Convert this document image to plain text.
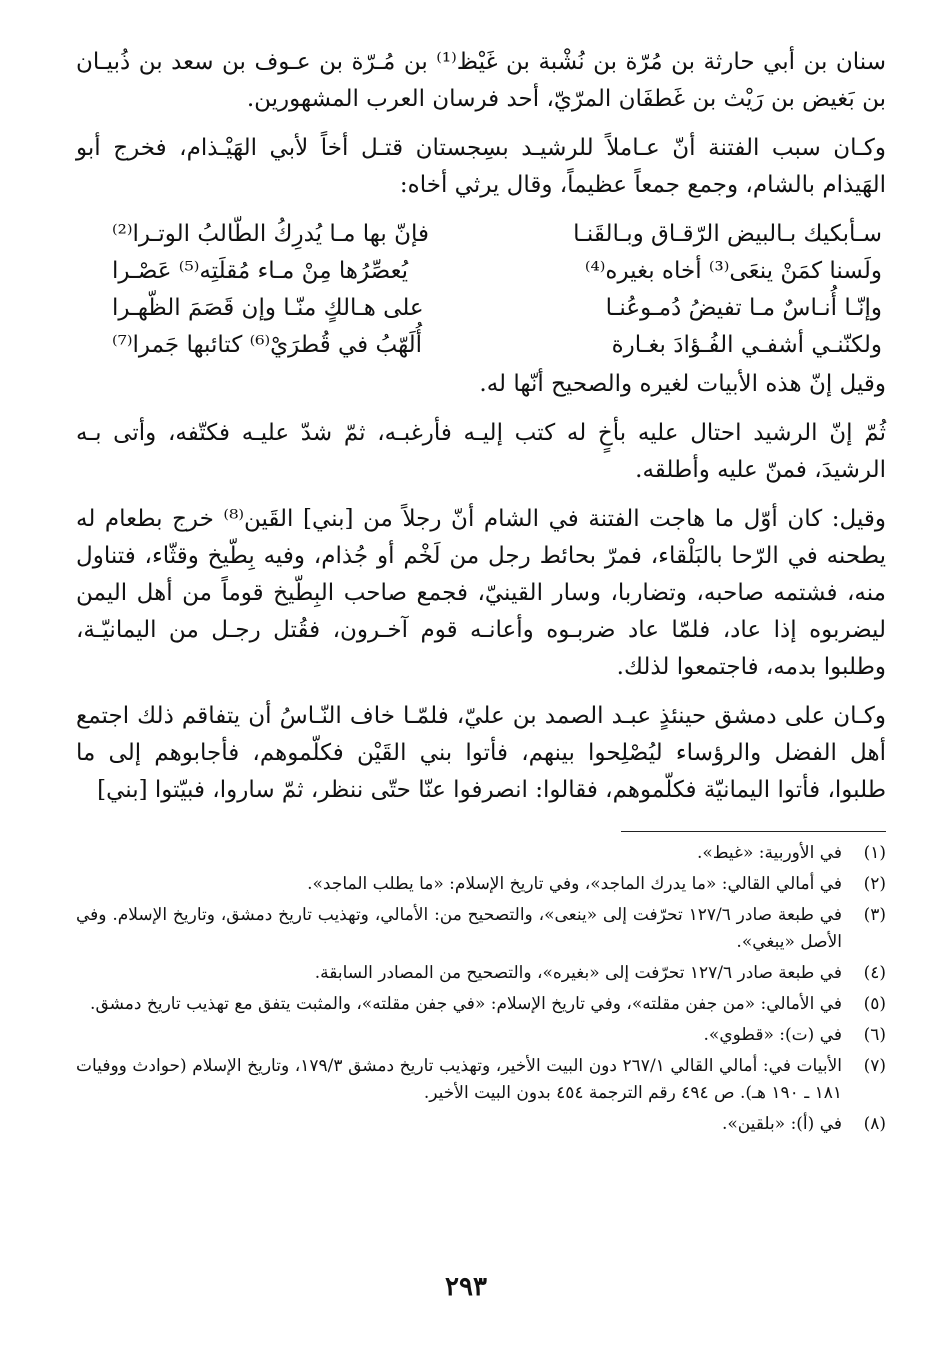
سنان بن أبي حارثة بن مُرّة بن نُشْبة بن غَيْظ⁽¹⁾ بن مُـرّة بن عـوف بن سعد بن ذُبيـان بن بَغيض بن رَيْث بن غَطفَان المرّيّ، أحد فرسان العرب المشهورين.

وكـان سبب الفتنة أنّ عـاملاً للرشيـد بسِجستان قتـل أخاً لأبي الهَيْـذام، فخرج أبو الهَيذام بالشام، وجمع جمعاً عظيماً، وقال يرثي أخاه:

سـأبكيك بـالبيض الرّقـاق وبـالقَنـا
فإنّ بها مـا يُدرِكُ الطّالبُ الوتـرا⁽²⁾
ولَسنا كمَنْ ينعَى⁽³⁾ أخاه بغيره⁽⁴⁾
يُعصِّرُها مِنْ مـاء مُقلَتِه⁽⁵⁾ عَصْـرا
وإنّـا أُنـاسٌ مـا تفيضُ دُمـوعُنـا
على هـالكٍ منّـا وإن قَصَمَ الظّهـرا
ولكنّنـي أشفـي الفُـؤادَ بغـارة
أُلَهّبُ في قُطرَيْ⁽⁶⁾ كتائبها جَمرا⁽⁷⁾

وقيل إنّ هذه الأبيات لغيره والصحيح أنّها له.

ثُمّ إنّ الرشيد احتال عليه بأخٍ له كتب إليـه فأرغبـه، ثمّ شدّ عليـه فكتّفه، وأتى بـه الرشيدَ، فمنّ عليه وأطلقه.

وقيل: كان أوّل ما هاجت الفتنة في الشام أنّ رجلاً من [بني] القَين⁽⁸⁾ خرج بطعام له يطحنه في الرّحا بالبَلْقاء، فمرّ بحائط رجل من لَخْم أو جُذام، وفيه بِطّيخ وقثّاء، فتناول منه، فشتمه صاحبه، وتضاربا، وسار القينيّ، فجمع صاحب البِطّيخ قوماً من أهل اليمن ليضربوه إذا عاد، فلمّا عاد ضربـوه وأعانـه قوم آخـرون، فقُتل رجـل من اليمانيّـة، وطلبوا بدمه، فاجتمعوا لذلك.

وكـان على دمشق حينئذٍ عبـد الصمد بن عليّ، فلمّـا خاف النّـاسُ أن يتفاقم ذلك اجتمع أهل الفضل والرؤساء ليُصْلِحوا بينهم، فأتوا بني القَيْن فكلّموهم، فأجابوهم إلى ما طلبوا، فأتوا اليمانيّة فكلّموهم، فقالوا: انصرفوا عنّا حتّى ننظر، ثمّ ساروا، فبيّتوا [بني]

(١)
في الأوربية: «غيط».
(٢)
في أمالي القالي: «ما يدرك الماجد»، وفي تاريخ الإسلام: «ما يطلب الماجد».
(٣)
في طبعة صادر ١٢٧/٦ تحرّفت إلى «ينعى»، والتصحيح من: الأمالي، وتهذيب تاريخ دمشق، وتاريخ الإسلام. وفي الأصل «يبغي».
(٤)
في طبعة صادر ١٢٧/٦ تحرّفت إلى «بغيره»، والتصحيح من المصادر السابقة.
(٥)
في الأمالي: «من جفن مقلته»، وفي تاريخ الإسلام: «في جفن مقلته»، والمثبت يتفق مع تهذيب تاريخ دمشق.
(٦)
في (ت): «قطوي».
(٧)
الأبيات في: أمالي القالي ٢٦٧/١ دون البيت الأخير، وتهذيب تاريخ دمشق ١٧٩/٣، وتاريخ الإسلام (حوادث ووفيات ١٨١ ـ ١٩٠ هـ). ص ٤٩٤ رقم الترجمة ٤٥٤ بدون البيت الأخير.
(٨)
في (أ): «بلقين».
٢٩٣
